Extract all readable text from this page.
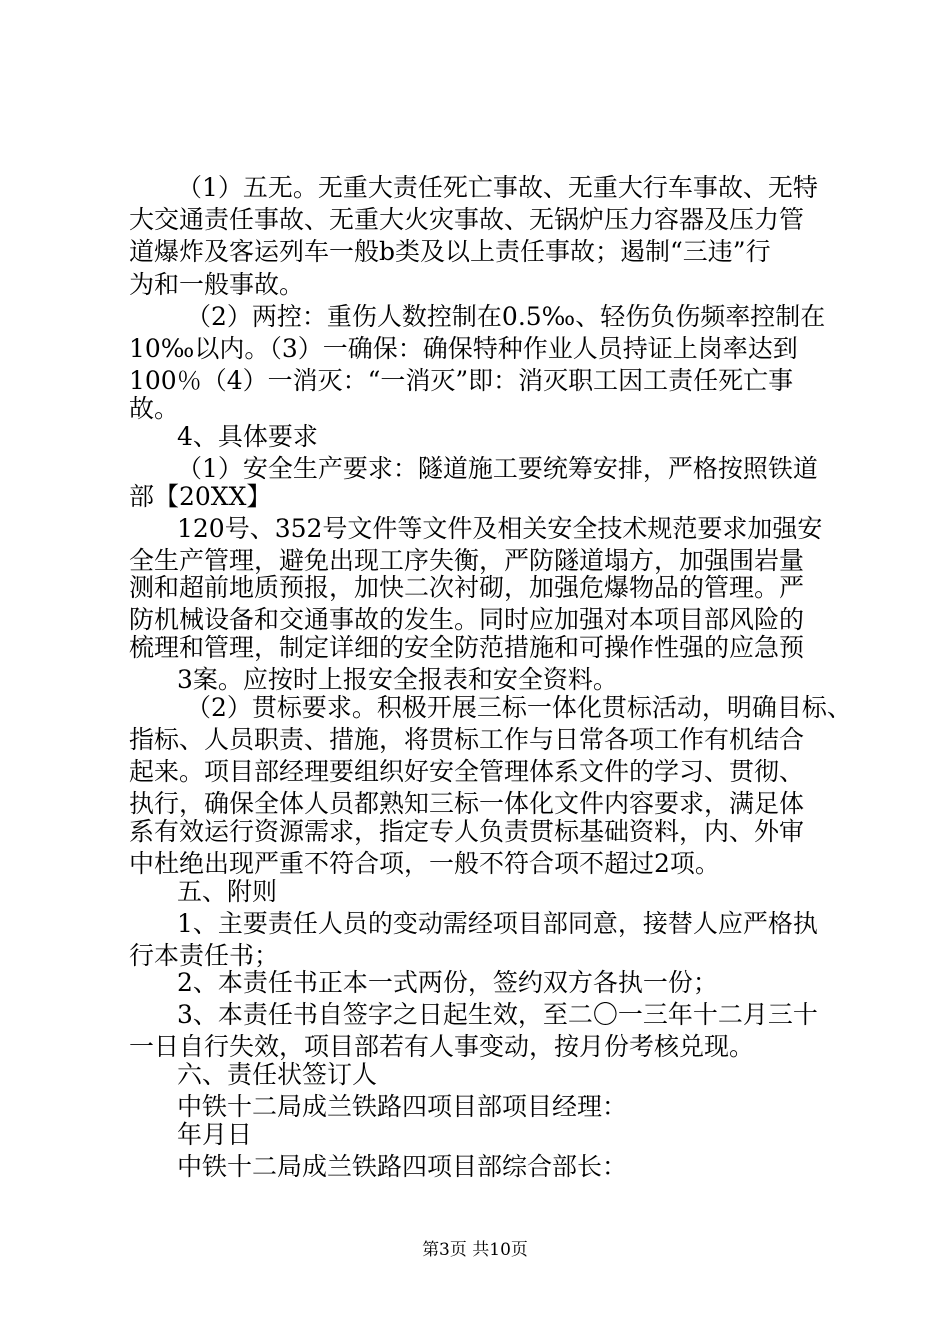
（1）五无。无重大责任死亡事故、无重大行车事故、无特
大交通责任事故、无重大火灾事故、无锅炉压力容器及压力管
道爆炸及客运列车一般b类及以上责任事故；遏制“三违”行
为和一般事故。
（2）两控：重伤人数控制在0.5‰、轻伤负伤频率控制在
10‰以内。（3）一确保：确保特种作业人员持证上岗率达到
100％（4）一消灭：“一消灭”即：消灭职工因工责任死亡事
故。
4、具体要求
（1）安全生产要求：隧道施工要统筹安排，严格按照铁道
部【20XX】
120号、352号文件等文件及相关安全技术规范要求加强安
全生产管理，避免出现工序失衡，严防隧道塌方，加强围岩量
测和超前地质预报，加快二次衬砌，加强危爆物品的管理。严
防机械设备和交通事故的发生。同时应加强对本项目部风险的
梳理和管理，制定详细的安全防范措施和可操作性强的应急预
3案。应按时上报安全报表和安全资料。
（2）贯标要求。积极开展三标一体化贯标活动，明确目标、
指标、人员职责、措施，将贯标工作与日常各项工作有机结合
起来。项目部经理要组织好安全管理体系文件的学习、贯彻、
执行，确保全体人员都熟知三标一体化文件内容要求，满足体
系有效运行资源需求，指定专人负责贯标基础资料，内、外审
中杜绝出现严重不符合项，一般不符合项不超过2项。
五、附则
1、主要责任人员的变动需经项目部同意，接替人应严格执
行本责任书；
2、本责任书正本一式两份，签约双方各执一份；
3、本责任书自签字之日起生效，至二〇一三年十二月三十
一日自行失效，项目部若有人事变动，按月份考核兑现。
六、责任状签订人
中铁十二局成兰铁路四项目部项目经理：
年月日
中铁十二局成兰铁路四项目部综合部长：
第3页 共10页
